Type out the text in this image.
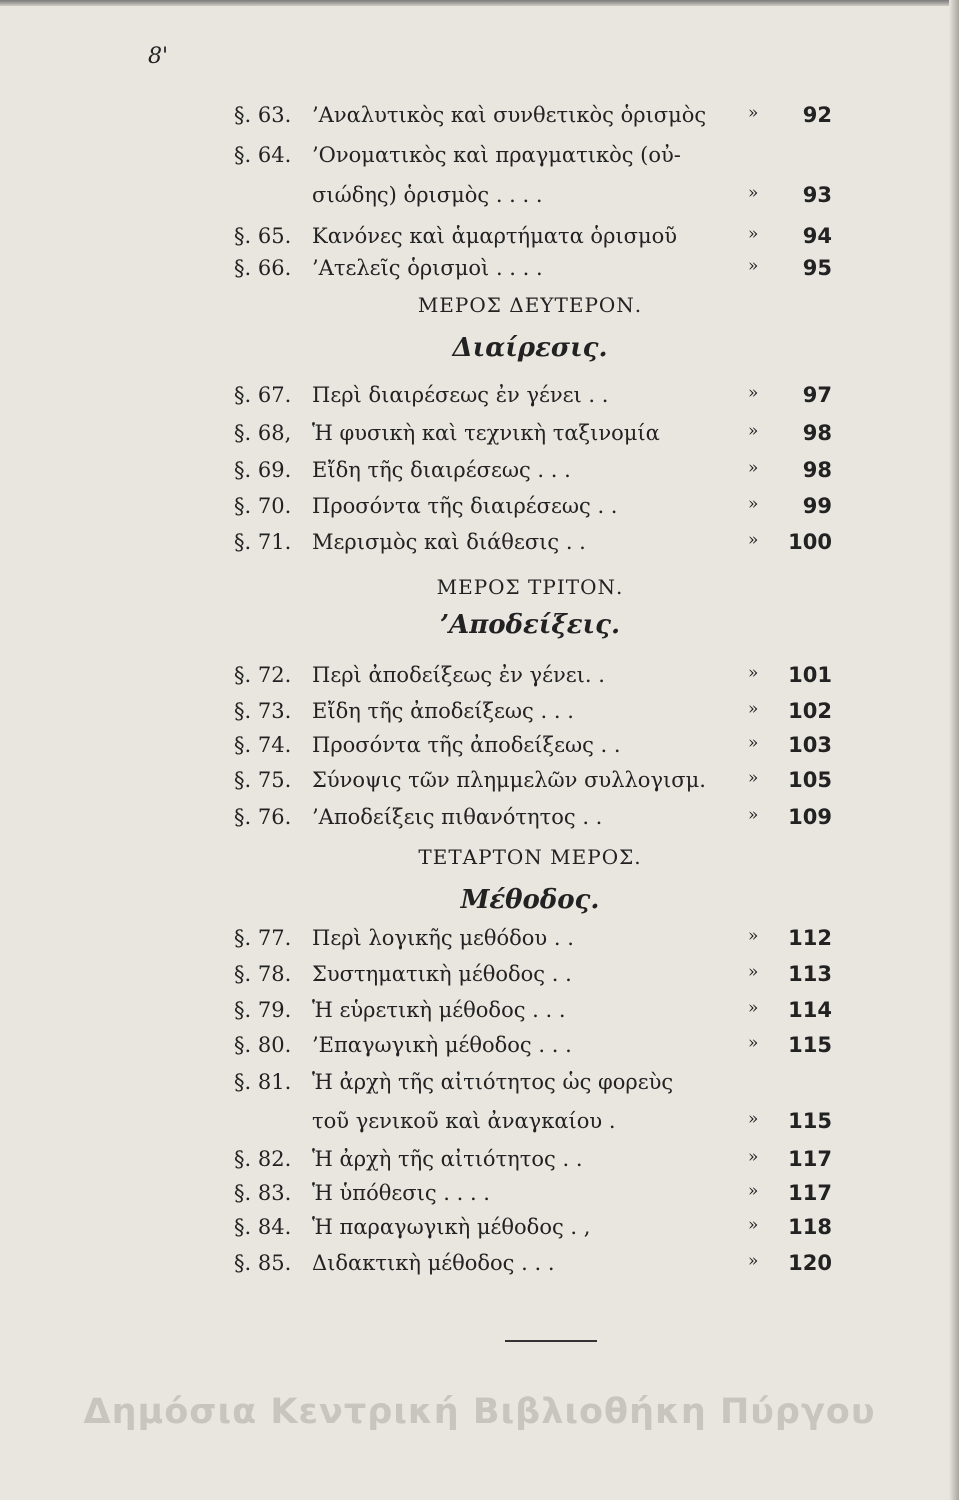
8'
§. 63. ’Αναλυτικὸς καὶ συνθετικὸς ὁρισμὸς »	92
§. 64. ’Ονοματικὸς καὶ πραγματικὸς (οὐ-
σιώδης) ὁρισμὸς . . . .	»	93
§. 65. Κανόνες καὶ ἁμαρτήματα ὁρισμοῦ	»	94
§. 66. ’Ατελεῖς ὁρισμοὶ . . . .	»	95
ΜΕΡΟΣ ΔΕΥΤΕΡΟΝ.
Διαίρεσις.
§. 67. Περὶ διαιρέσεως ἐν γένει . .	»	97
§. 68, Ἡ φυσικὴ καὶ τεχνικὴ ταξινομία	»	98
§. 69. Εἴδη τῆς διαιρέσεως . . .	»	98
§. 70. Προσόντα τῆς διαιρέσεως . .	»	99
§. 71. Μερισμὸς καὶ διάθεσις . .	»	100
ΜΕΡΟΣ ΤΡΙΤΟΝ.
’Αποδείξεις.
§. 72. Περὶ ἀποδείξεως ἐν γένει. .	»	101
§. 73. Εἴδη τῆς ἀποδείξεως . . .	»	102
§. 74. Προσόντα τῆς ἀποδείξεως . .	»	103
§. 75. Σύνοψις τῶν πλημμελῶν συλλογισμ. »	105
§. 76. ’Αποδείξεις πιθανότητος . .	»	109
ΤΕΤΑΡΤΟΝ ΜΕΡΟΣ.
Μέθοδος.
§. 77. Περὶ λογικῆς μεθόδου . .	»	112
§. 78. Συστηματικὴ μέθοδος . .	»	113
§. 79. Ἡ εὑρετικὴ μέθοδος . . .	»	114
§. 80. ’Επαγωγικὴ μέθοδος . . .	»	115
§. 81. Ἡ ἀρχὴ τῆς αἰτιότητος ὡς φορεὺς
τοῦ γενικοῦ καὶ ἀναγκαίου .	»	115
§. 82. Ἡ ἀρχὴ τῆς αἰτιότητος . .	»	117
§. 83. Ἡ ὑπόθεσις . . . .	»	117
§. 84. Ἡ παραγωγικὴ μέθοδος . ,	»	118
§. 85. Διδακτικὴ μέθοδος . . .	»	120
Δημόσια Κεντρική Βιβλιοθήκη Πύργου
